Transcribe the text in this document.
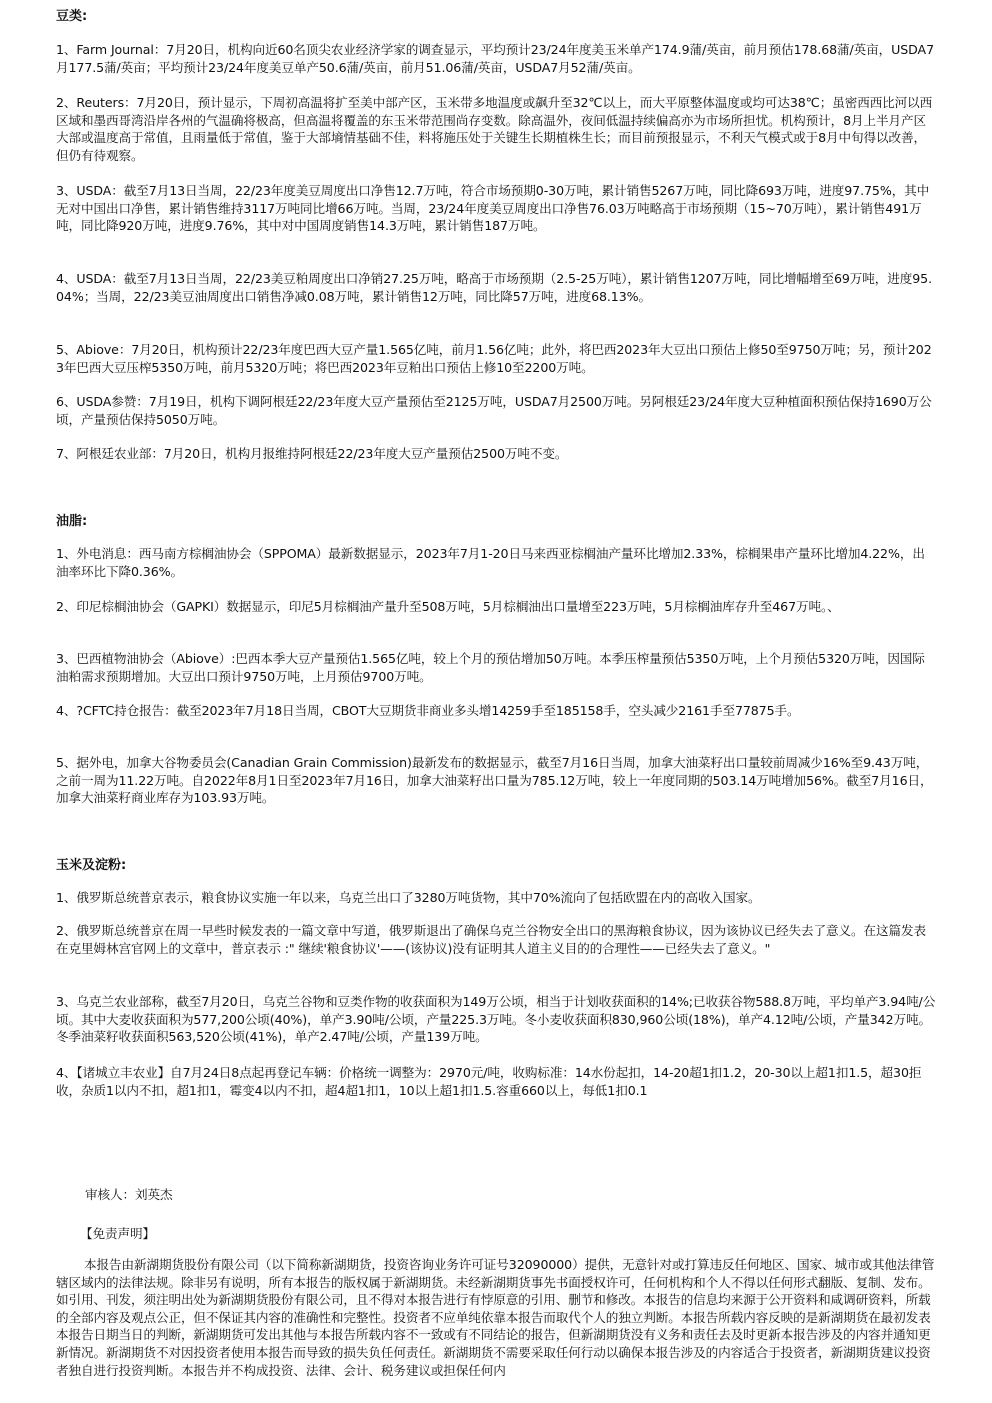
豆类:
1、Farm Journal：7月20日，机构向近60名顶尖农业经济学家的调查显示，平均预计23/24年度美玉米单产174.9蒲/英亩，前月预估178.68蒲/英亩，USDA7月177.5蒲/英亩；平均预计23/24年度美豆单产50.6蒲/英亩，前月51.06蒲/英亩，USDA7月52蒲/英亩。
2、Reuters：7月20日，预计显示，下周初高温将扩至美中部产区，玉米带多地温度或飙升至32℃以上，而大平原整体温度或均可达38℃；虽密西西比河以西区域和墨西哥湾沿岸各州的气温确将极高，但高温将覆盖的东玉米带范围尚存变数。除高温外，夜间低温持续偏高亦为市场所担忧。机构预计，8月上半月产区大部或温度高于常值，且雨量低于常值，鉴于大部墒情基础不佳，料将施压处于关键生长期植株生长；而目前预报显示，不利天气模式或于8月中旬得以改善，但仍有待观察。
3、USDA：截至7月13日当周，22/23年度美豆周度出口净售12.7万吨，符合市场预期0-30万吨，累计销售5267万吨，同比降693万吨，进度97.75%，其中无对中国出口净售，累计销售维持3117万吨同比增66万吨。当周，23/24年度美豆周度出口净售76.03万吨略高于市场预期（15~70万吨），累计销售491万吨，同比降920万吨，进度9.76%，其中对中国周度销售14.3万吨，累计销售187万吨。
4、USDA：截至7月13日当周，22/23美豆粕周度出口净销27.25万吨，略高于市场预期（2.5-25万吨），累计销售1207万吨，同比增幅增至69万吨，进度95.04%；当周，22/23美豆油周度出口销售净减0.08万吨，累计销售12万吨，同比降57万吨，进度68.13%。
5、Abiove：7月20日，机构预计22/23年度巴西大豆产量1.565亿吨，前月1.56亿吨；此外，将巴西2023年大豆出口预估上修50至9750万吨；另，预计2023年巴西大豆压榨5350万吨，前月5320万吨；将巴西2023年豆粕出口预估上修10至2200万吨。
6、USDA参赞：7月19日，机构下调阿根廷22/23年度大豆产量预估至2125万吨，USDA7月2500万吨。另阿根廷23/24年度大豆种植面积预估保持1690万公顷，产量预估保持5050万吨。
7、阿根廷农业部：7月20日，机构月报维持阿根廷22/23年度大豆产量预估2500万吨不变。
油脂:
1、外电消息：西马南方棕榈油协会（SPPOMA）最新数据显示，2023年7月1-20日马来西亚棕榈油产量环比增加2.33%，棕榈果串产量环比增加4.22%，出油率环比下降0.36%。
2、印尼棕榈油协会（GAPKI）数据显示，印尼5月棕榈油产量升至508万吨，5月棕榈油出口量增至223万吨，5月棕榈油库存升至467万吨。、
3、巴西植物油协会（Abiove）:巴西本季大豆产量预估1.565亿吨，较上个月的预估增加50万吨。本季压榨量预估5350万吨，上个月预估5320万吨，因国际油粕需求预期增加。大豆出口预计9750万吨，上月预估9700万吨。
4、?CFTC持仓报告：截至2023年7月18日当周，CBOT大豆期货非商业多头增14259手至185158手，空头减少2161手至77875手。
5、据外电，加拿大谷物委员会(Canadian Grain Commission)最新发布的数据显示，截至7月16日当周，加拿大油菜籽出口量较前周减少16%至9.43万吨，之前一周为11.22万吨。自2022年8月1日至2023年7月16日，加拿大油菜籽出口量为785.12万吨，较上一年度同期的503.14万吨增加56%。截至7月16日，加拿大油菜籽商业库存为103.93万吨。
玉米及淀粉:
1、俄罗斯总统普京表示，粮食协议实施一年以来，乌克兰出口了3280万吨货物，其中70%流向了包括欧盟在内的高收入国家。
2、俄罗斯总统普京在周一早些时候发表的一篇文章中写道，俄罗斯退出了确保乌克兰谷物安全出口的黑海粮食协议，因为该协议已经失去了意义。在这篇发表在克里姆林宫官网上的文章中，普京表示 :" 继续'粮食协议'——(该协议)没有证明其人道主义目的的合理性——已经失去了意义。"
3、乌克兰农业部称，截至7月20日，乌克兰谷物和豆类作物的收获面积为149万公顷，相当于计划收获面积的14%;已收获谷物588.8万吨，平均单产3.94吨/公顷。其中大麦收获面积为577,200公顷(40%)，单产3.90吨/公顷，产量225.3万吨。冬小麦收获面积830,960公顷(18%)，单产4.12吨/公顷，产量342万吨。冬季油菜籽收获面积563,520公顷(41%)，单产2.47吨/公顷，产量139万吨。
4、【诸城立丰农业】自7月24日8点起再登记车辆：价格统一调整为：2970元/吨，收购标准：14水份起扣，14-20超1扣1.2，20-30以上超1扣1.5，超30拒收，杂质1以内不扣，超1扣1，霉变4以内不扣，超4超1扣1，10以上超1扣1.5.容重660以上，每低1扣0.1
审核人：刘英杰
【免责声明】
本报告由新湖期货股份有限公司（以下简称新湖期货，投资咨询业务许可证号32090000）提供，无意针对或打算违反任何地区、国家、城市或其他法律管辖区域内的法律法规。除非另有说明，所有本报告的版权属于新湖期货。未经新湖期货事先书面授权许可，任何机构和个人不得以任何形式翻版、复制、发布。如引用、刊发，须注明出处为新湖期货股份有限公司，且不得对本报告进行有悖原意的引用、删节和修改。本报告的信息均来源于公开资料和咸调研资料，所载的全部内容及观点公正，但不保证其内容的准确性和完整性。投资者不应单纯依靠本报告而取代个人的独立判断。本报告所载内容反映的是新湖期货在最初发表本报告日期当日的判断，新湖期货可发出其他与本报告所载内容不一致或有不同结论的报告，但新湖期货没有义务和责任去及时更新本报告涉及的内容并通知更新情况。新湖期货不对因投资者使用本报告而导致的损失负任何责任。新湖期货不需要采取任何行动以确保本报告涉及的内容适合于投资者，新湖期货建议投资者独自进行投资判断。本报告并不构成投资、法律、会计、税务建议或担保任何内
